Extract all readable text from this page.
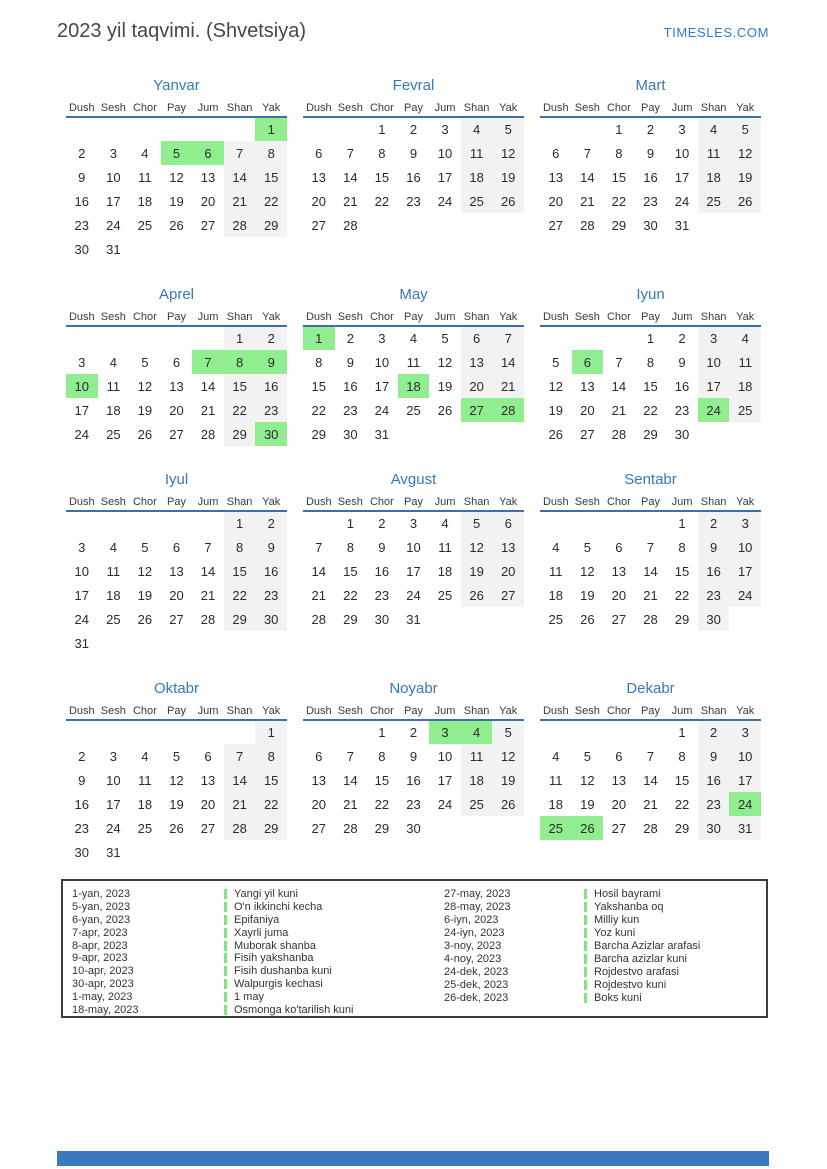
2023 yil taqvimi. (Shvetsiya)	TIMESLES.COM
Yanvar
Dush	Sesh	Chor	Pay	Jum	Shan	Yak
						1
2	3	4	5	6	7	8
9	10	11	12	13	14	15
16	17	18	19	20	21	22
23	24	25	26	27	28	29
30	31					
Fevral
Dush	Sesh	Chor	Pay	Jum	Shan	Yak
		1	2	3	4	5
6	7	8	9	10	11	12
13	14	15	16	17	18	19
20	21	22	23	24	25	26
27	28					
Mart
Dush	Sesh	Chor	Pay	Jum	Shan	Yak
		1	2	3	4	5
6	7	8	9	10	11	12
13	14	15	16	17	18	19
20	21	22	23	24	25	26
27	28	29	30	31		
Aprel
Dush	Sesh	Chor	Pay	Jum	Shan	Yak
					1	2
3	4	5	6	7	8	9
10	11	12	13	14	15	16
17	18	19	20	21	22	23
24	25	26	27	28	29	30
May
Dush	Sesh	Chor	Pay	Jum	Shan	Yak
1	2	3	4	5	6	7
8	9	10	11	12	13	14
15	16	17	18	19	20	21
22	23	24	25	26	27	28
29	30	31				
Iyun
Dush	Sesh	Chor	Pay	Jum	Shan	Yak
			1	2	3	4
5	6	7	8	9	10	11
12	13	14	15	16	17	18
19	20	21	22	23	24	25
26	27	28	29	30		
Iyul
Dush	Sesh	Chor	Pay	Jum	Shan	Yak
					1	2
3	4	5	6	7	8	9
10	11	12	13	14	15	16
17	18	19	20	21	22	23
24	25	26	27	28	29	30
31						
Avgust
Dush	Sesh	Chor	Pay	Jum	Shan	Yak
	1	2	3	4	5	6
7	8	9	10	11	12	13
14	15	16	17	18	19	20
21	22	23	24	25	26	27
28	29	30	31			
Sentabr
Dush	Sesh	Chor	Pay	Jum	Shan	Yak
				1	2	3
4	5	6	7	8	9	10
11	12	13	14	15	16	17
18	19	20	21	22	23	24
25	26	27	28	29	30	
Oktabr
Dush	Sesh	Chor	Pay	Jum	Shan	Yak
						1
2	3	4	5	6	7	8
9	10	11	12	13	14	15
16	17	18	19	20	21	22
23	24	25	26	27	28	29
30	31					
Noyabr
Dush	Sesh	Chor	Pay	Jum	Shan	Yak
		1	2	3	4	5
6	7	8	9	10	11	12
13	14	15	16	17	18	19
20	21	22	23	24	25	26
27	28	29	30			
Dekabr
Dush	Sesh	Chor	Pay	Jum	Shan	Yak
				1	2	3
4	5	6	7	8	9	10
11	12	13	14	15	16	17
18	19	20	21	22	23	24
25	26	27	28	29	30	31
1-yan, 2023	Yangi yil kuni
5-yan, 2023	O'n ikkinchi kecha
6-yan, 2023	Epifaniya
7-apr, 2023	Xayrli juma
8-apr, 2023	Muborak shanba
9-apr, 2023	Fisih yakshanba
10-apr, 2023	Fisih dushanba kuni
30-apr, 2023	Walpurgis kechasi
1-may, 2023	1 may
18-may, 2023	Osmonga ko'tarilish kuni
27-may, 2023	Hosil bayrami
28-may, 2023	Yakshanba oq
6-iyn, 2023	Milliy kun
24-iyn, 2023	Yoz kuni
3-noy, 2023	Barcha Azizlar arafasi
4-noy, 2023	Barcha azizlar kuni
24-dek, 2023	Rojdestvo arafasi
25-dek, 2023	Rojdestvo kuni
26-dek, 2023	Boks kuni
